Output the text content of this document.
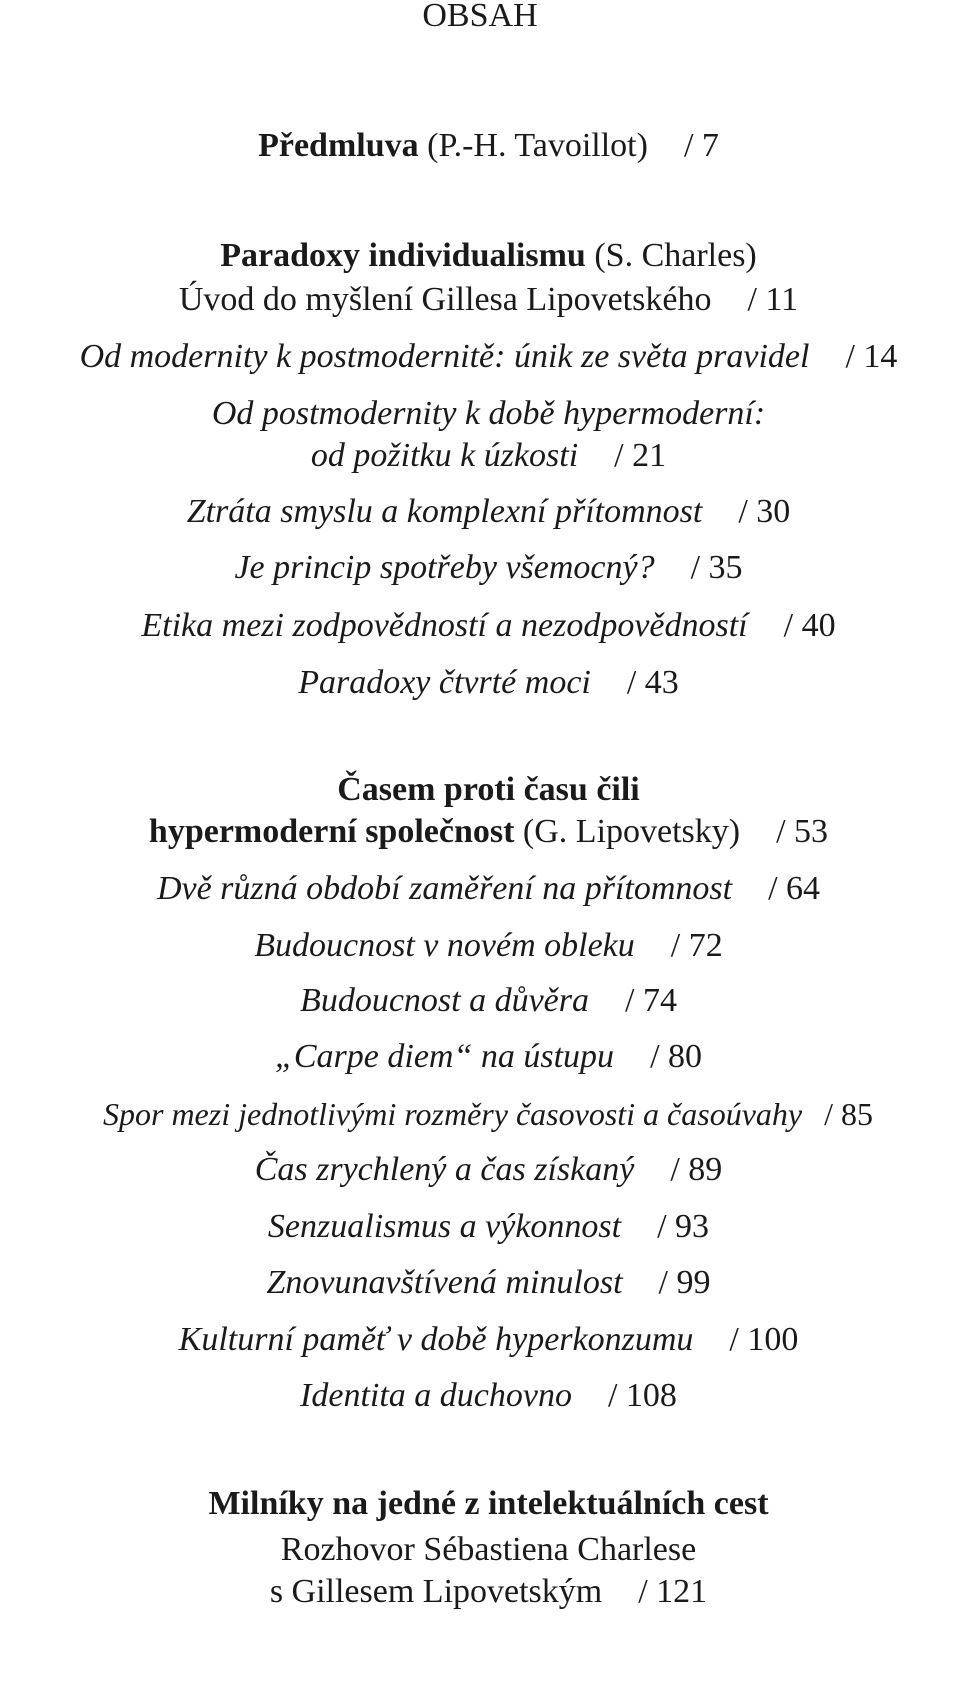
OBSAH

Předmluva (P.-H. Tavoillot) / 7

Paradoxy individualismu (S. Charles)

Úvod do myšlení Gillesa Lipovetského / 11

Od modernity k postmodernitě: únik ze světa pravidel / 14

Od postmodernity k době hypermoderní:

od požitku k úzkosti / 21

Ztráta smyslu a komplexní přítomnost / 30

Je princip spotřeby všemocný? / 35

Etika mezi zodpovědností a nezodpovědností / 40

Paradoxy čtvrté moci / 43

Časem proti času čili

hypermoderní společnost (G. Lipovetsky) / 53

Dvě různá období zaměření na přítomnost / 64

Budoucnost v novém obleku / 72

Budoucnost a důvěra / 74

„Carpe diem“ na ústupu / 80

Spor mezi jednotlivými rozměry časovosti a časoúvahy / 85

Čas zrychlený a čas získaný / 89

Senzualismus a výkonnost / 93

Znovunavštívená minulost / 99

Kulturní paměť v době hyperkonzumu / 100

Identita a duchovno / 108

Milníky na jedné z intelektuálních cest

Rozhovor Sébastiena Charlese

s Gillesem Lipovetským / 121
